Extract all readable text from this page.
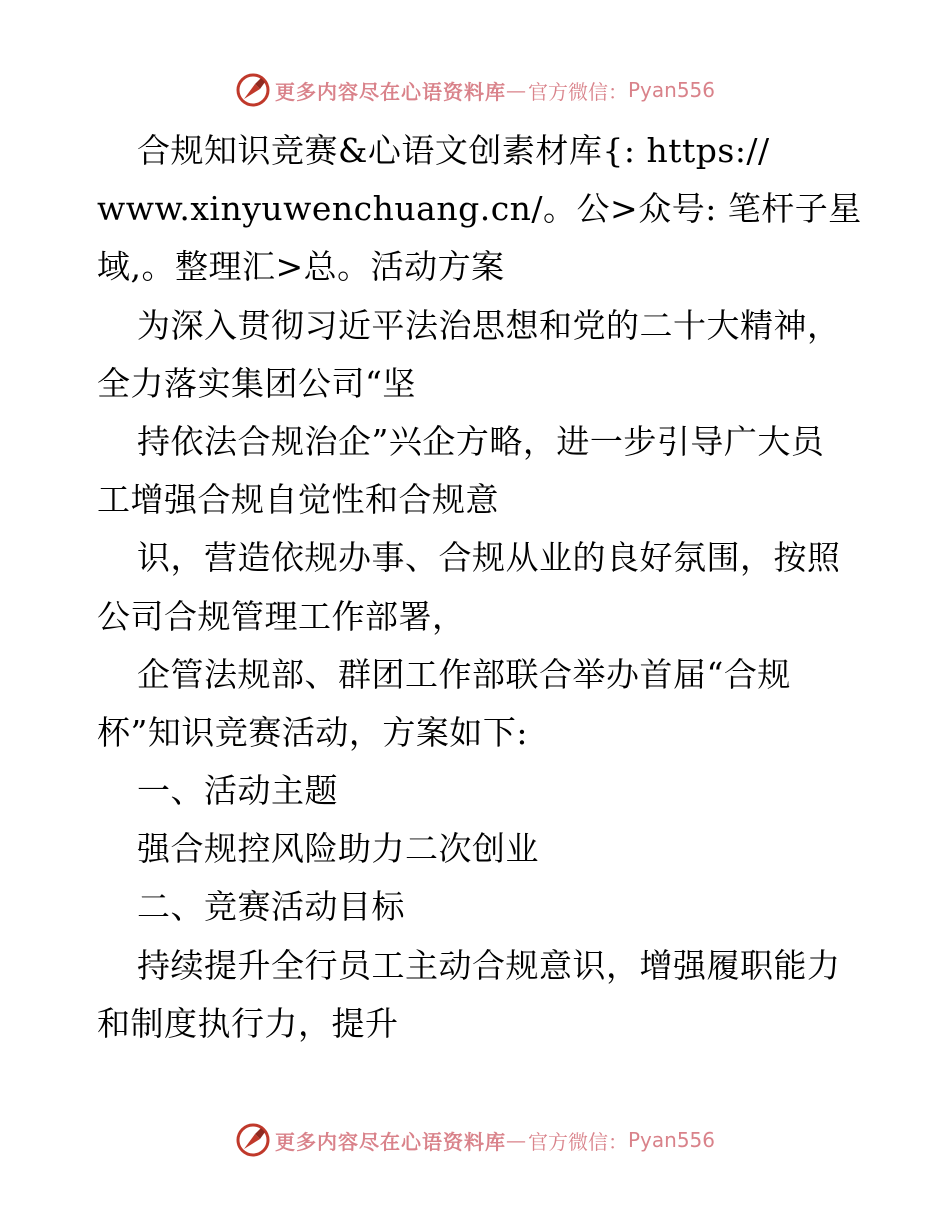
更多内容尽在心语资料库 — 官方微信： Pyan556
合规知识竞赛&心语文创素材库{: https://
www.xinyuwenchuang.cn/。公>众号: 笔杆子星
域,。整理汇>总。活动方案
为深入贯彻习近平法治思想和党的二十大精神，
全力落实集团公司“坚
持依法合规治企”兴企方略，进一步引导广大员
工增强合规自觉性和合规意
识，营造依规办事、合规从业的良好氛围，按照
公司合规管理工作部署，
企管法规部、群团工作部联合举办首届“合规
杯”知识竞赛活动，方案如下:
一、活动主题
强合规控风险助力二次创业
二、竞赛活动目标
持续提升全行员工主动合规意识，增强履职能力
和制度执行力，提升
更多内容尽在心语资料库 — 官方微信： Pyan556
